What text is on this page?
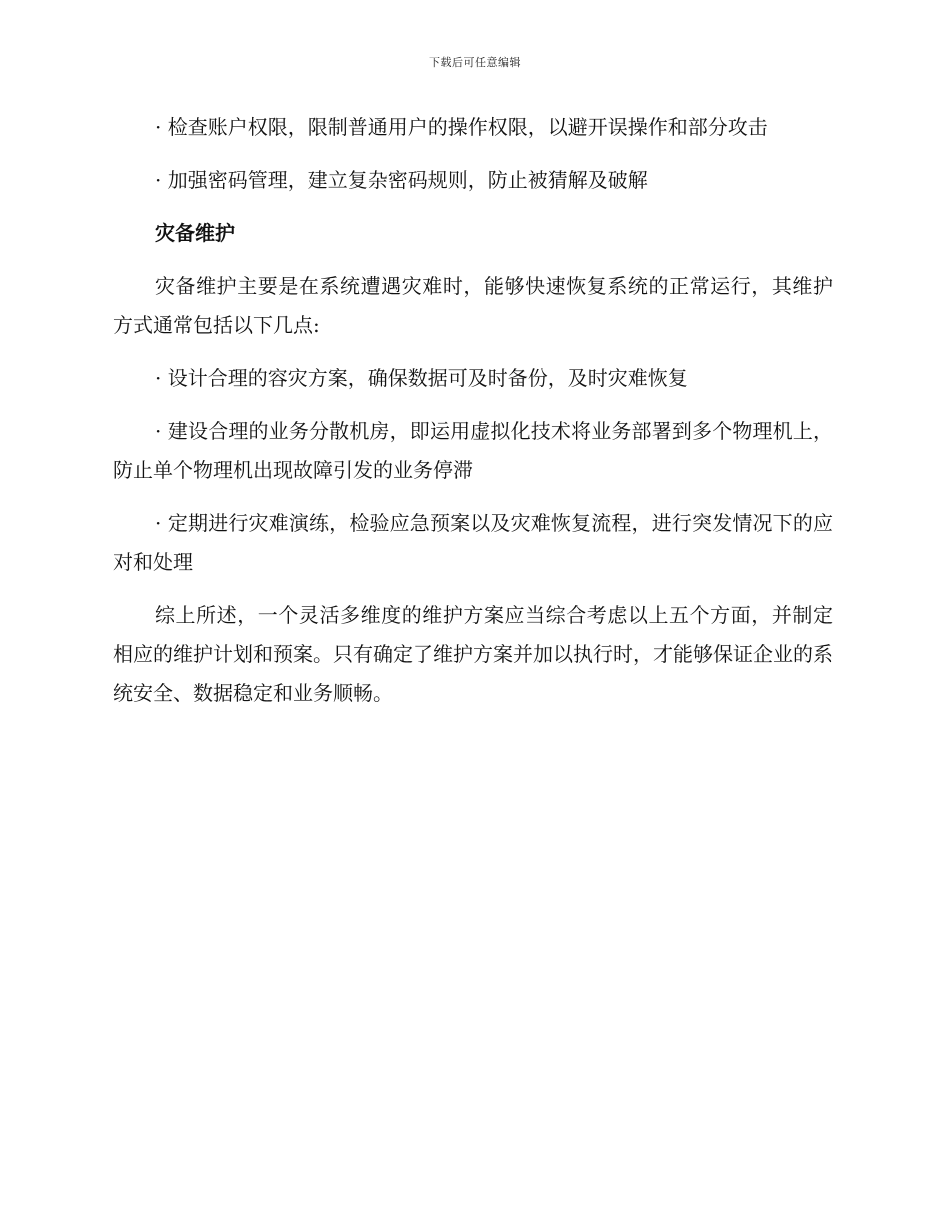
下载后可任意编辑

· 检查账户权限，限制普通用户的操作权限，以避开误操作和部分攻击

· 加强密码管理，建立复杂密码规则，防止被猜解及破解

灾备维护

灾备维护主要是在系统遭遇灾难时，能够快速恢复系统的正常运行，其维护方式通常包括以下几点:

· 设计合理的容灾方案，确保数据可及时备份，及时灾难恢复

· 建设合理的业务分散机房，即运用虚拟化技术将业务部署到多个物理机上，防止单个物理机出现故障引发的业务停滞

· 定期进行灾难演练，检验应急预案以及灾难恢复流程，进行突发情况下的应对和处理

综上所述，一个灵活多维度的维护方案应当综合考虑以上五个方面，并制定相应的维护计划和预案。只有确定了维护方案并加以执行时，才能够保证企业的系统安全、数据稳定和业务顺畅。
